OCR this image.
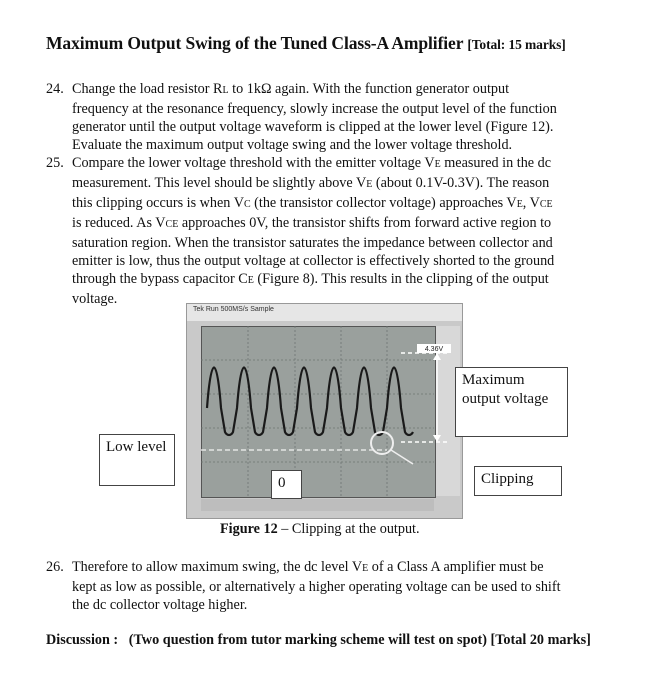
Maximum Output Swing of the Tuned Class-A Amplifier [Total: 15 marks]
24. Change the load resistor RL to 1kΩ again. With the function generator output
frequency at the resonance frequency, slowly increase the output level of the function
generator until the output voltage waveform is clipped at the lower level (Figure 12).
Evaluate the maximum output voltage swing and the lower voltage threshold.
25. Compare the lower voltage threshold with the emitter voltage VE measured in the dc
measurement. This level should be slightly above VE (about 0.1V-0.3V). The reason
this clipping occurs is when VC (the transistor collector voltage) approaches VE, VCE
is reduced. As VCE approaches 0V, the transistor shifts from forward active region to
saturation region. When the transistor saturates the impedance between collector and
emitter is low, thus the output voltage at collector is effectively shorted to the ground
through the bypass capacitor CE (Figure 8). This results in the clipping of the output
voltage.
Tek Run 500MS/s Sample
4.36V
Maximum output voltage
Low level
0	Clipping
Figure 12 – Clipping at the output.
26. Therefore to allow maximum swing, the dc level VE of a Class A amplifier must be
kept as low as possible, or alternatively a higher operating voltage can be used to shift
the dc collector voltage higher.
Discussion : (Two question from tutor marking scheme will test on spot) [Total 20 marks]
